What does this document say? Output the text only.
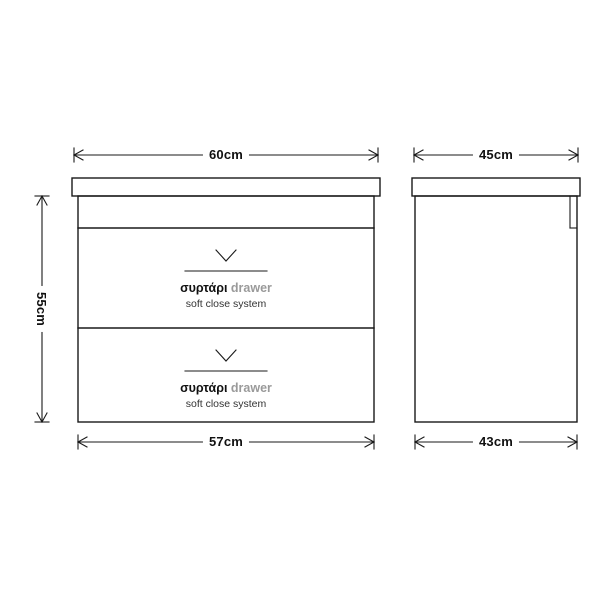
60cm
57cm
55cm
45cm
43cm
συρτάρι drawer
soft close system
συρτάρι drawer
soft close system
